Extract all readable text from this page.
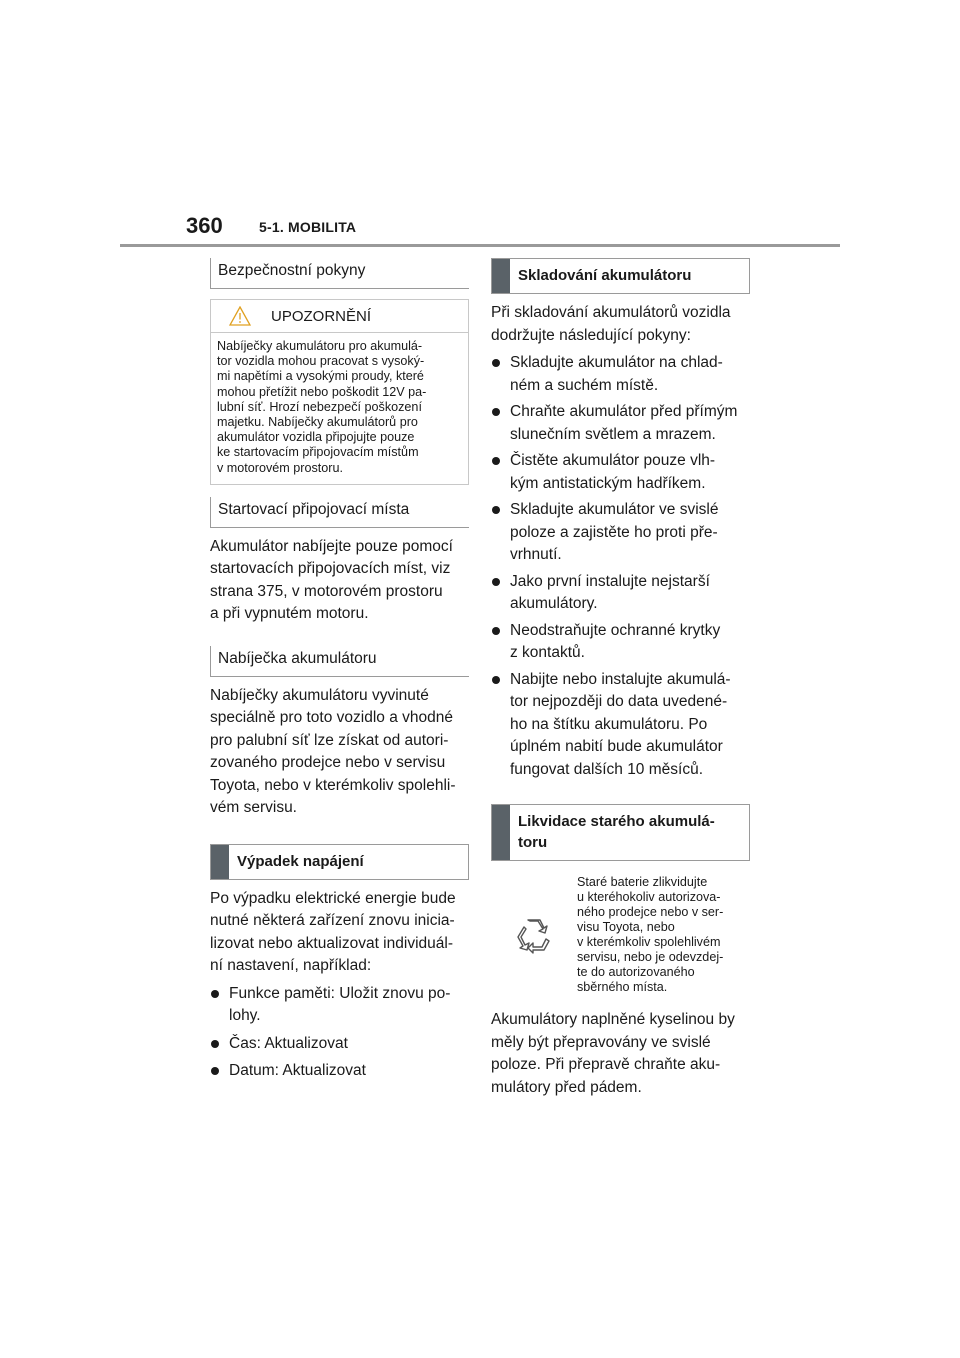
360	5-1. MOBILITA
Bezpečnostní pokyny
UPOZORNĚNÍ
Nabíječky akumulátoru pro akumulá-
tor vozidla mohou pracovat s vysoký-
mi napětími a vysokými proudy, které
mohou přetížit nebo poškodit 12V pa-
lubní síť. Hrozí nebezpečí poškození
majetku. Nabíječky akumulátorů pro
akumulátor vozidla připojujte pouze
ke startovacím připojovacím místům
v motorovém prostoru.
Startovací připojovací místa
Akumulátor nabíjejte pouze pomocí
startovacích připojovacích míst, viz
strana 375, v motorovém prostoru
a při vypnutém motoru.
Nabíječka akumulátoru
Nabíječky akumulátoru vyvinuté
speciálně pro toto vozidlo a vhodné
pro palubní síť lze získat od autori-
zovaného prodejce nebo v servisu
Toyota, nebo v kterémkoliv spolehli-
vém servisu.
Výpadek napájení
Po výpadku elektrické energie bude
nutné některá zařízení znovu inicia-
lizovat nebo aktualizovat individuál-
ní nastavení, například:
Funkce paměti: Uložit znovu po-
lohy.
Čas: Aktualizovat
Datum: Aktualizovat
Skladování akumulátoru
Při skladování akumulátorů vozidla
dodržujte následující pokyny:
Skladujte akumulátor na chlad-
ném a suchém místě.
Chraňte akumulátor před přímým
slunečním světlem a mrazem.
Čistěte akumulátor pouze vlh-
kým antistatickým hadříkem.
Skladujte akumulátor ve svislé
poloze a zajistěte ho proti pře-
vrhnutí.
Jako první instalujte nejstarší
akumulátory.
Neodstraňujte ochranné krytky
z kontaktů.
Nabijte nebo instalujte akumulá-
tor nejpozději do data uvedené-
ho na štítku akumulátoru. Po
úplném nabití bude akumulátor
fungovat dalších 10 měsíců.
Likvidace starého akumulá-
toru
Staré baterie zlikvidujte
u kteréhokoliv autorizova-
ného prodejce nebo v ser-
visu Toyota, nebo
v kterémkoliv spolehlivém
servisu, nebo je odevzdej-
te do autorizovaného
sběrného místa.
Akumulátory naplněné kyselinou by
měly být přepravovány ve svislé
poloze. Při přepravě chraňte aku-
mulátory před pádem.
